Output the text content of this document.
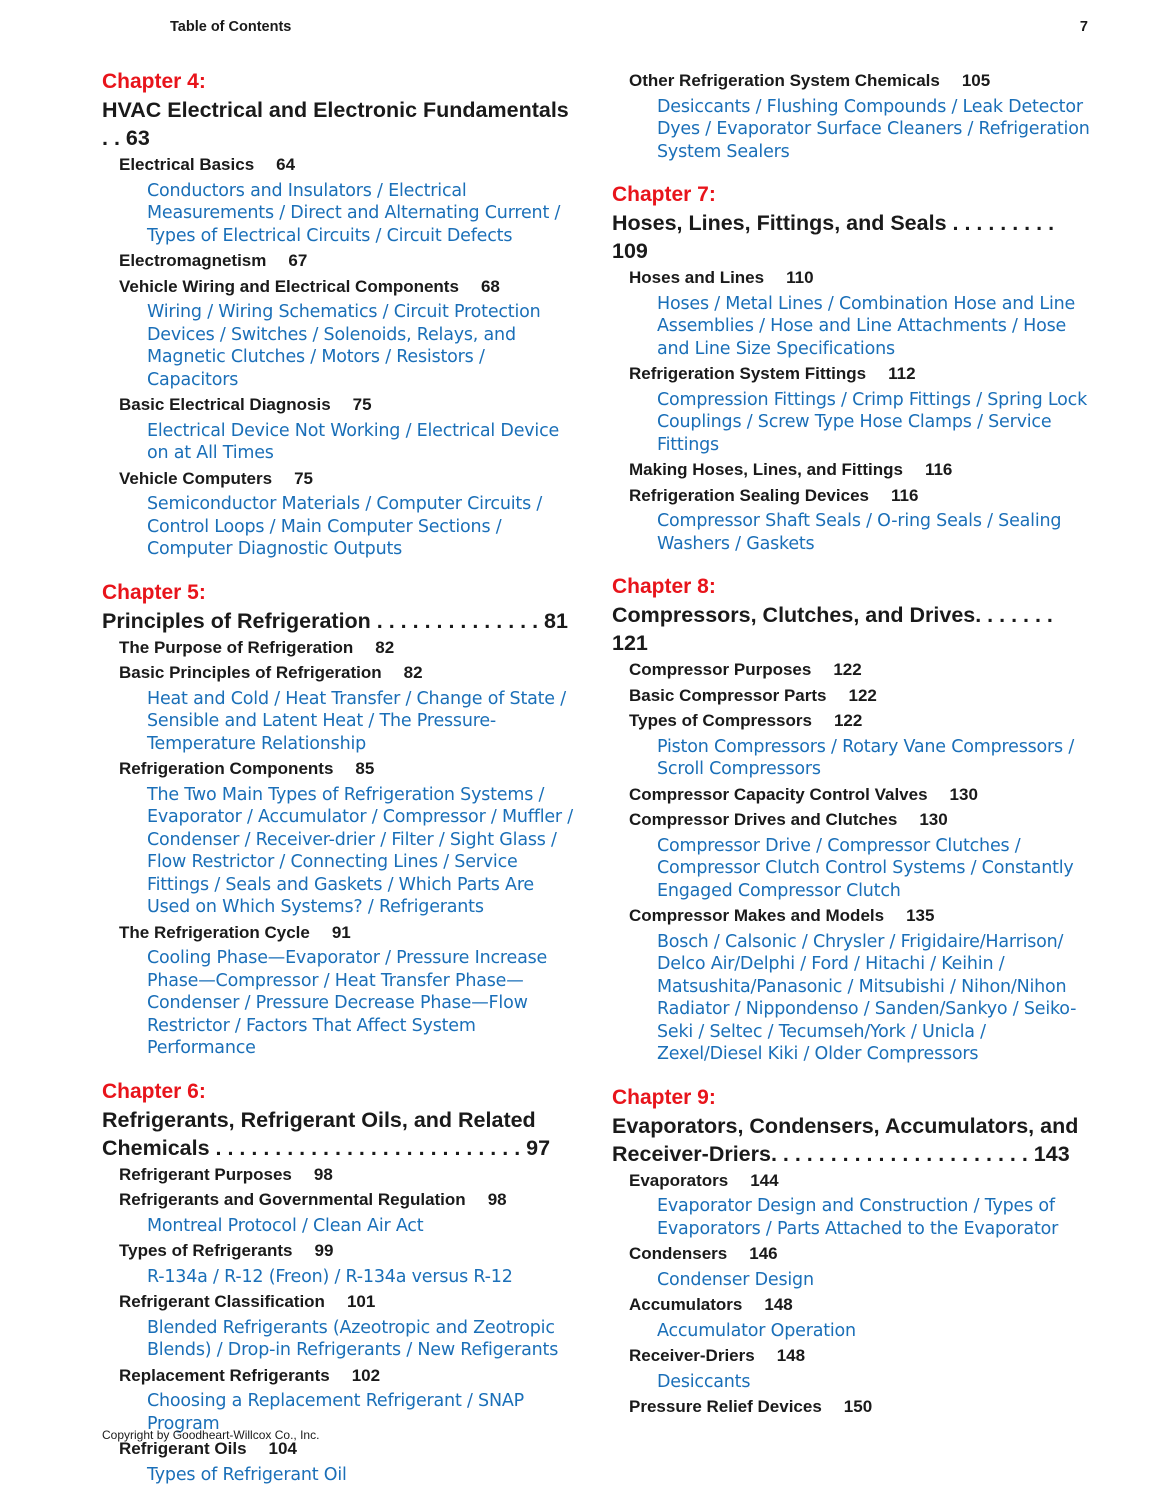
Table of Contents	7
Chapter 4:
HVAC Electrical and Electronic Fundamentals . . 63
Electrical Basics 64
Conductors and Insulators / Electrical Measurements / Direct and Alternating Current / Types of Electrical Circuits / Circuit Defects
Electromagnetism 67
Vehicle Wiring and Electrical Components 68
Wiring / Wiring Schematics / Circuit Protection Devices / Switches / Solenoids, Relays, and Magnetic Clutches / Motors / Resistors / Capacitors
Basic Electrical Diagnosis 75
Electrical Device Not Working / Electrical Device on at All Times
Vehicle Computers 75
Semiconductor Materials / Computer Circuits / Control Loops / Main Computer Sections / Computer Diagnostic Outputs
Chapter 5:
Principles of Refrigeration . . . . . . . . . . . . . . 81
The Purpose of Refrigeration 82
Basic Principles of Refrigeration 82
Heat and Cold / Heat Transfer / Change of State / Sensible and Latent Heat / The Pressure-Temperature Relationship
Refrigeration Components 85
The Two Main Types of Refrigeration Systems / Evaporator / Accumulator / Compressor / Muffler / Condenser / Receiver-drier / Filter / Sight Glass / Flow Restrictor / Connecting Lines / Service Fittings / Seals and Gaskets / Which Parts Are Used on Which Systems? / Refrigerants
The Refrigeration Cycle 91
Cooling Phase—Evaporator / Pressure Increase Phase—Compressor / Heat Transfer Phase—Condenser / Pressure Decrease Phase—Flow Restrictor / Factors That Affect System Performance
Chapter 6:
Refrigerants, Refrigerant Oils, and Related Chemicals . . . . . . . . . . . . . . . . . . . . . . . . . . 97
Refrigerant Purposes 98
Refrigerants and Governmental Regulation 98
Montreal Protocol / Clean Air Act
Types of Refrigerants 99
R-134a / R-12 (Freon) / R-134a versus R-12
Refrigerant Classification 101
Blended Refrigerants (Azeotropic and Zeotropic Blends) / Drop-in Refrigerants / New Refigerants
Replacement Refrigerants 102
Choosing a Replacement Refrigerant / SNAP Program
Refrigerant Oils 104
Types of Refrigerant Oil
Other Refrigeration System Chemicals 105
Desiccants / Flushing Compounds / Leak Detector Dyes / Evaporator Surface Cleaners / Refrigeration System Sealers
Chapter 7:
Hoses, Lines, Fittings, and Seals . . . . . . . . . 109
Hoses and Lines 110
Hoses / Metal Lines / Combination Hose and Line Assemblies / Hose and Line Attachments / Hose and Line Size Specifications
Refrigeration System Fittings 112
Compression Fittings / Crimp Fittings / Spring Lock Couplings / Screw Type Hose Clamps / Service Fittings
Making Hoses, Lines, and Fittings 116
Refrigeration Sealing Devices 116
Compressor Shaft Seals / O-ring Seals / Sealing Washers / Gaskets
Chapter 8:
Compressors, Clutches, and Drives. . . . . . . 121
Compressor Purposes 122
Basic Compressor Parts 122
Types of Compressors 122
Piston Compressors / Rotary Vane Compressors / Scroll Compressors
Compressor Capacity Control Valves 130
Compressor Drives and Clutches 130
Compressor Drive / Compressor Clutches / Compressor Clutch Control Systems / Constantly Engaged Compressor Clutch
Compressor Makes and Models 135
Bosch / Calsonic / Chrysler / Frigidaire/Harrison/ Delco Air/Delphi / Ford / Hitachi / Keihin / Matsushita/Panasonic / Mitsubishi / Nihon/Nihon Radiator / Nippondenso / Sanden/Sankyo / Seiko-Seki / Seltec / Tecumseh/York / Unicla / Zexel/Diesel Kiki / Older Compressors
Chapter 9:
Evaporators, Condensers, Accumulators, and Receiver-Driers. . . . . . . . . . . . . . . . . . . . . . 143
Evaporators 144
Evaporator Design and Construction / Types of Evaporators / Parts Attached to the Evaporator
Condensers 146
Condenser Design
Accumulators 148
Accumulator Operation
Receiver-Driers 148
Desiccants
Pressure Relief Devices 150
Copyright by Goodheart-Willcox Co., Inc.
